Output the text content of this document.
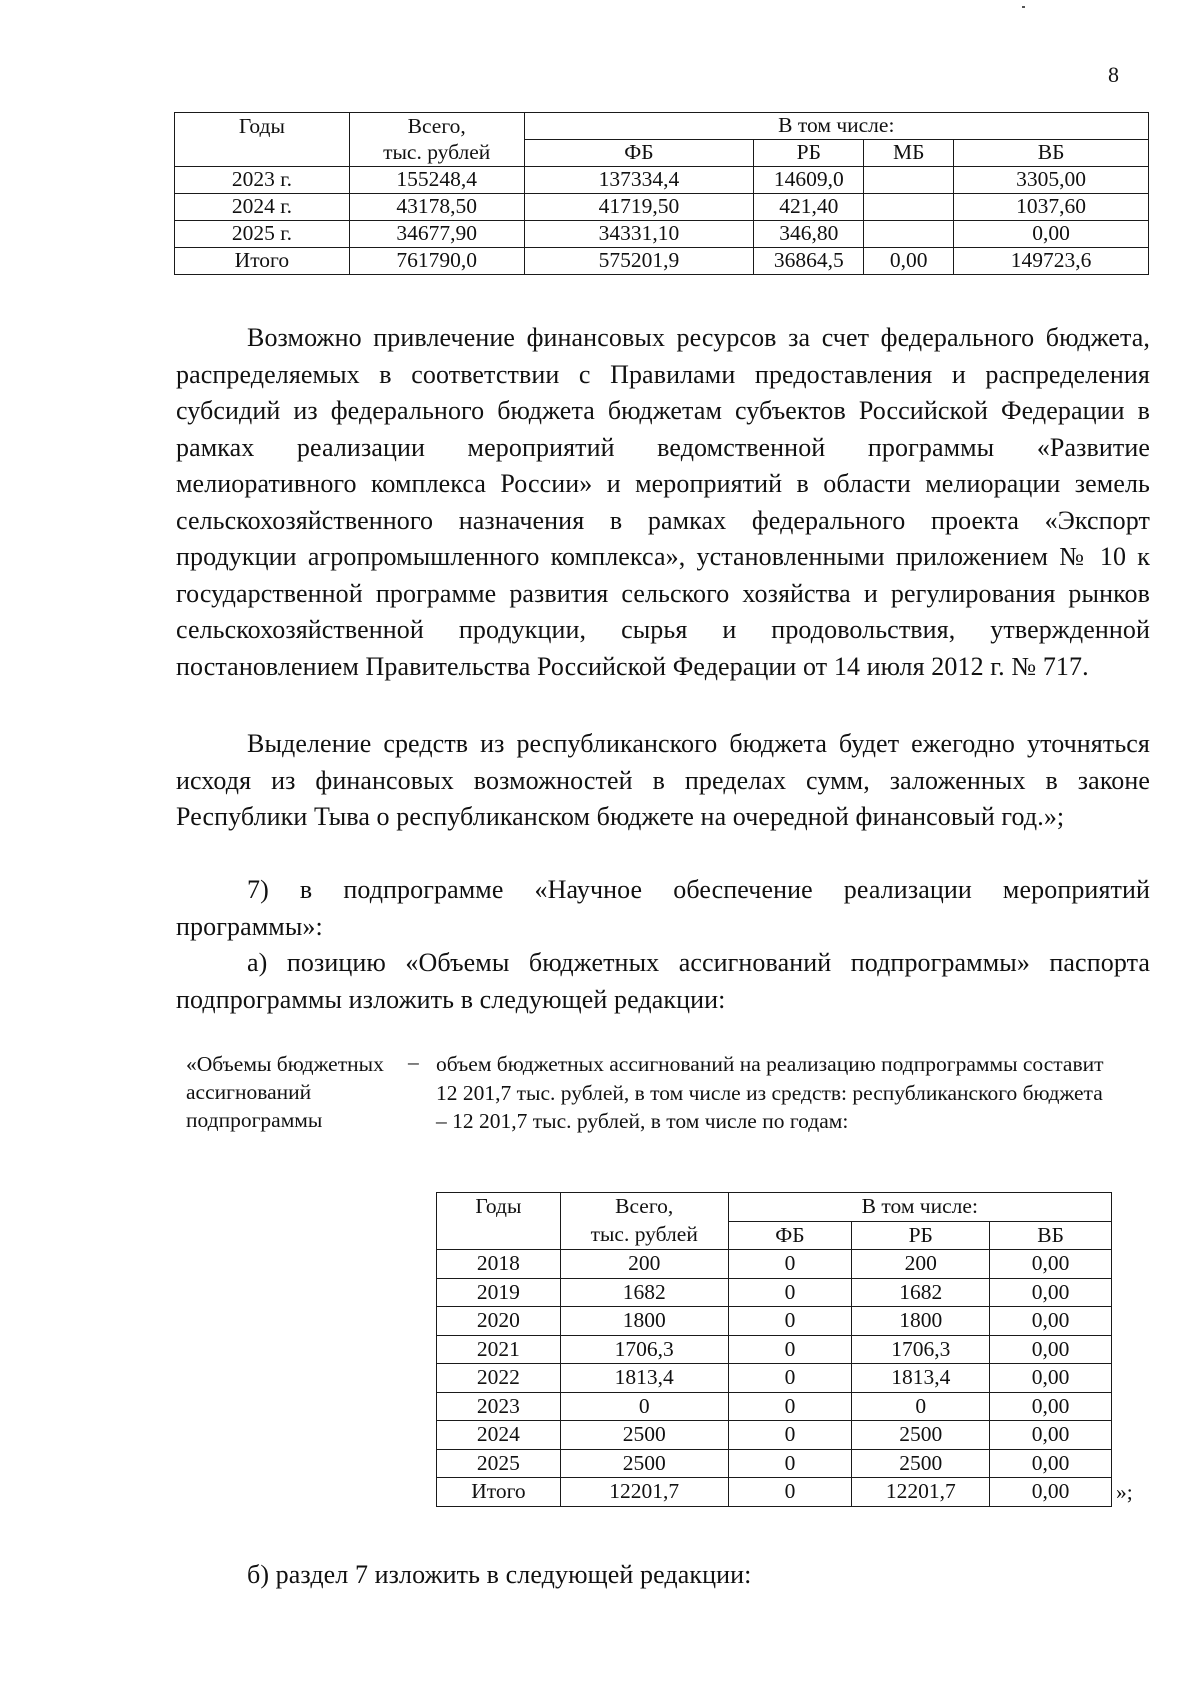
8
Годы	Всего,	В том числе:			
	тыс. рублей	ФБ	РБ	МБ	ВБ
2023 г.	155248,4	137334,4	14609,0		3305,00
2024 г.	43178,50	41719,50	421,40		1037,60
2025 г.	34677,90	34331,10	346,80		0,00
Итого	761790,0	575201,9	36864,5	0,00	149723,6

Возможно привлечение финансовых ресурсов за счет федерального бюджета, распределяемых в соответствии с Правилами предоставления и распределения субсидий из федерального бюджета бюджетам субъектов Российской Федерации в рамках реализации мероприятий ведомственной программы «Развитие мелиоративного комплекса России» и мероприятий в области мелиорации земель сельскохозяйственного назначения в рамках федерального проекта «Экспорт продукции агропромышленного комплекса», установленными приложением № 10 к государственной программе развития сельского хозяйства и регулирования рынков сельскохозяйственной продукции, сырья и продовольствия, утвержденной постановлением Правительства Российской Федерации от 14 июля 2012 г. № 717.

Выделение средств из республиканского бюджета будет ежегодно уточняться исходя из финансовых возможностей в пределах сумм, заложенных в законе Республики Тыва о республиканском бюджете на очередной финансовый год.»;

7) в подпрограмме «Научное обеспечение реализации мероприятий программы»:

а) позицию «Объемы бюджетных ассигнований подпрограммы» паспорта подпрограммы изложить в следующей редакции:

«Объемы бюджетных ассигнований подпрограммы
– объем бюджетных ассигнований на реализацию подпрограммы составит 12 201,7 тыс. рублей, в том числе из средств: республиканского бюджета – 12 201,7 тыс. рублей, в том числе по годам:
Годы	Всего,	В том числе:		
	тыс. рублей	ФБ	РБ	ВБ
2018	200	0	200	0,00
2019	1682	0	1682	0,00
2020	1800	0	1800	0,00
2021	1706,3	0	1706,3	0,00
2022	1813,4	0	1813,4	0,00
2023	0	0	0	0,00
2024	2500	0	2500	0,00
2025	2500	0	2500	0,00
Итого	12201,7	0	12201,7	0,00 »;

б) раздел 7 изложить в следующей редакции:
